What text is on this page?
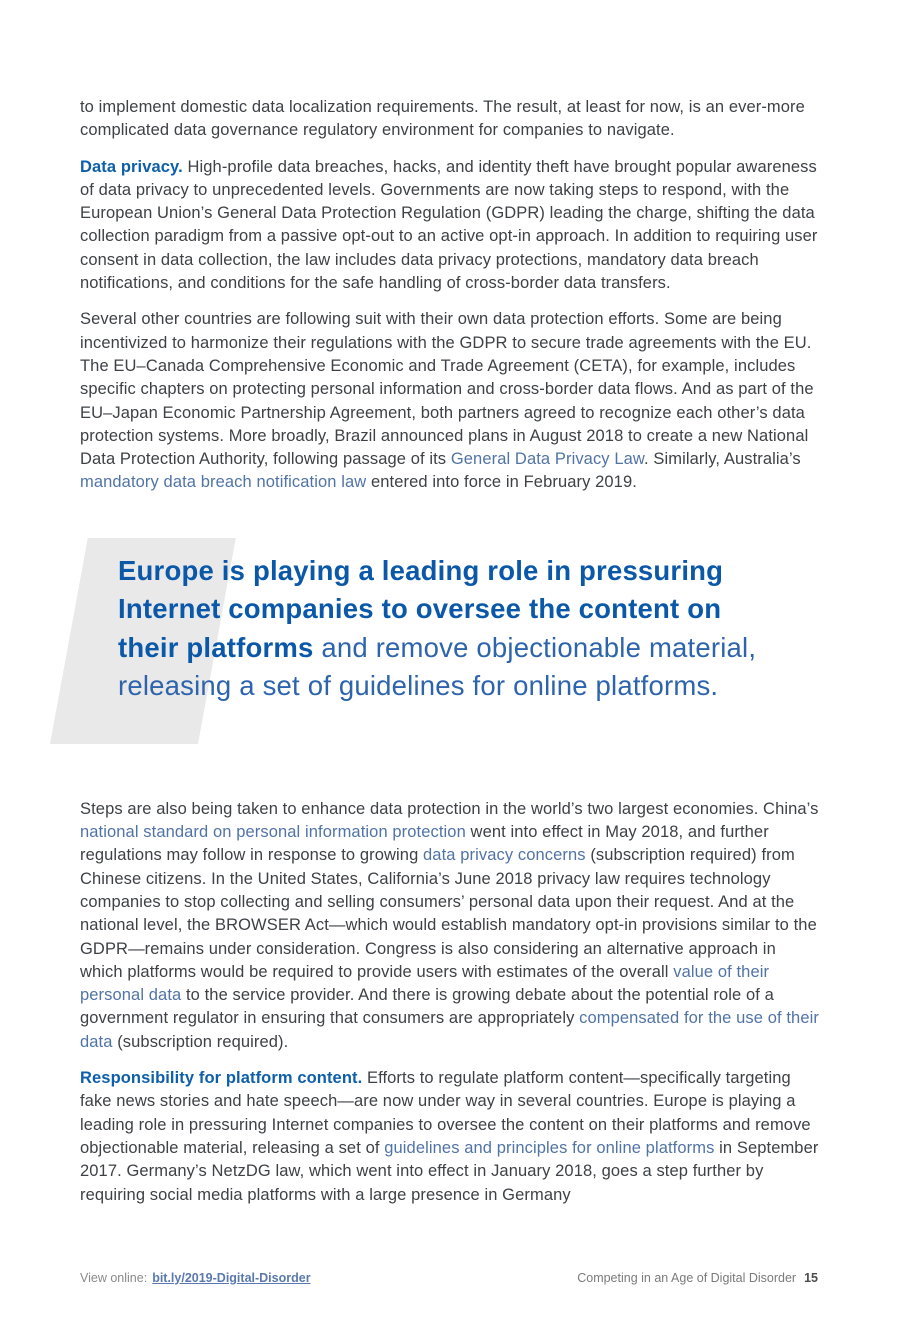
to implement domestic data localization requirements. The result, at least for now, is an ever-more complicated data governance regulatory environment for companies to navigate.

Data privacy. High-profile data breaches, hacks, and identity theft have brought popular awareness of data privacy to unprecedented levels. Governments are now taking steps to respond, with the European Union’s General Data Protection Regulation (GDPR) leading the charge, shifting the data collection paradigm from a passive opt-out to an active opt-in approach. In addition to requiring user consent in data collection, the law includes data privacy protections, mandatory data breach notifications, and conditions for the safe handling of cross-border data transfers.

Several other countries are following suit with their own data protection efforts. Some are being incentivized to harmonize their regulations with the GDPR to secure trade agreements with the EU. The EU–Canada Comprehensive Economic and Trade Agreement (CETA), for example, includes specific chapters on protecting personal information and cross-border data flows. And as part of the EU–Japan Economic Partnership Agreement, both partners agreed to recognize each other’s data protection systems. More broadly, Brazil announced plans in August 2018 to create a new National Data Protection Authority, following passage of its General Data Privacy Law. Similarly, Australia’s mandatory data breach notification law entered into force in February 2019.

Europe is playing a leading role in pressuring
Internet companies to oversee the content on
their platforms and remove objectionable material,
releasing a set of guidelines for online platforms.

Steps are also being taken to enhance data protection in the world’s two largest economies. China’s national standard on personal information protection went into effect in May 2018, and further regulations may follow in response to growing data privacy concerns (subscription required) from Chinese citizens. In the United States, California’s June 2018 privacy law requires technology companies to stop collecting and selling consumers’ personal data upon their request. And at the national level, the BROWSER Act—which would establish mandatory opt-in provisions similar to the GDPR—remains under consideration. Congress is also considering an alternative approach in which platforms would be required to provide users with estimates of the overall value of their personal data to the service provider. And there is growing debate about the potential role of a government regulator in ensuring that consumers are appropriately compensated for the use of their data (subscription required).

Responsibility for platform content. Efforts to regulate platform content—specifically targeting fake news stories and hate speech—are now under way in several countries. Europe is playing a leading role in pressuring Internet companies to oversee the content on their platforms and remove objectionable material, releasing a set of guidelines and principles for online platforms in September 2017. Germany’s NetzDG law, which went into effect in January 2018, goes a step further by requiring social media platforms with a large presence in Germany

View online: bit.ly/2019-Digital-Disorder	Competing in an Age of Digital Disorder 15
